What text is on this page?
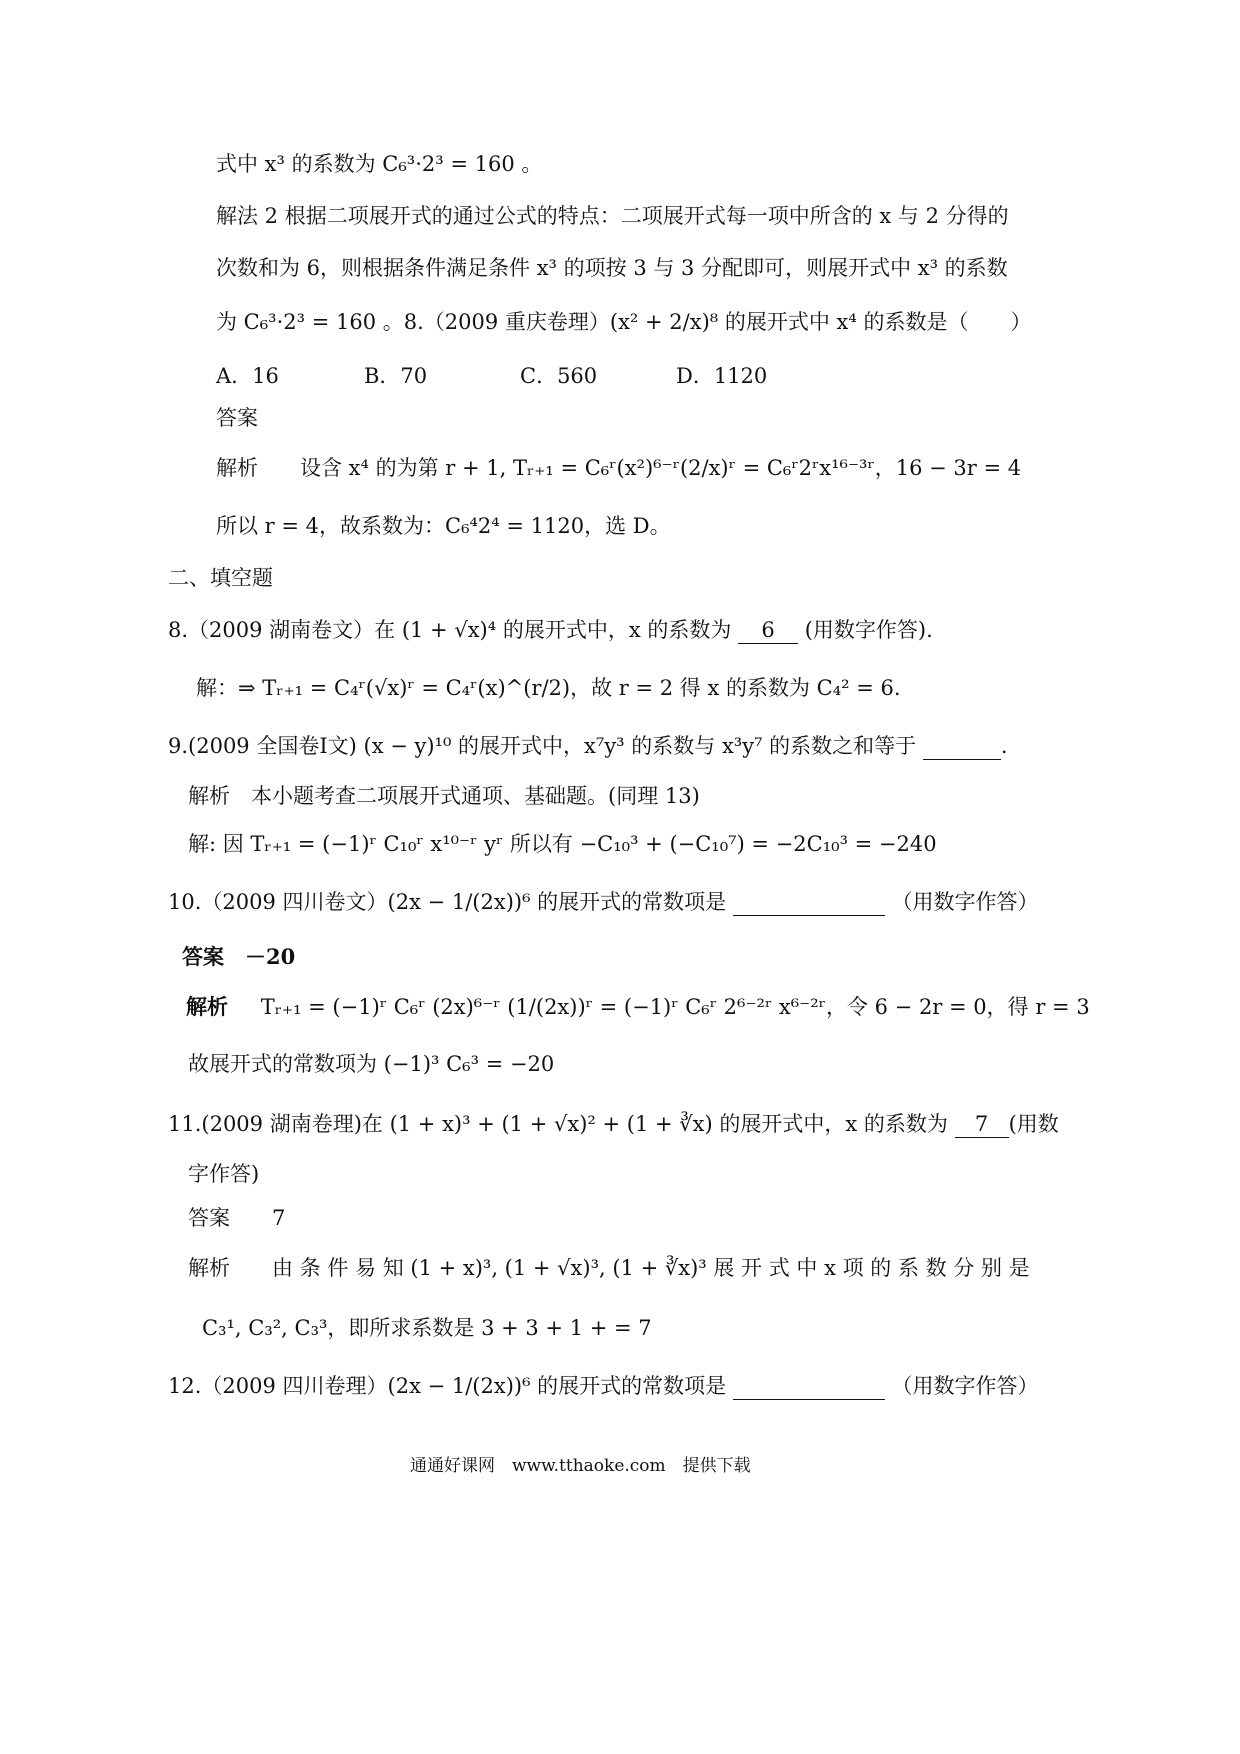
式中 x³ 的系数为 C₆³·2³ = 160 。
解法 2 根据二项展开式的通过公式的特点：二项展开式每一项中所含的 x 与 2 分得的
次数和为 6，则根据条件满足条件 x³ 的项按 3 与 3 分配即可，则展开式中 x³ 的系数
为 C₆³·2³ = 160 。8.（2009 重庆卷理）(x² + 2/x)⁸ 的展开式中 x⁴ 的系数是（　　）
A．16	B．70	C．560	D．1120
答案
解析　　设含 x⁴ 的为第 r + 1, Tᵣ₊₁ = C₆ʳ(x²)⁶⁻ʳ(2/x)ʳ = C₆ʳ2ʳx¹⁶⁻³ʳ，16 − 3r = 4
所以 r = 4，故系数为：C₆⁴2⁴ = 1120，选 D。
二、填空题
8.（2009 湖南卷文）在 (1 + √x)⁴ 的展开式中，x 的系数为 6 (用数字作答).
解：⇒ Tᵣ₊₁ = C₄ʳ(√x)ʳ = C₄ʳ(x)^(r/2)，故 r = 2 得 x 的系数为 C₄² = 6.
9.(2009 全国卷Ⅰ文) (x − y)¹⁰ 的展开式中，x⁷y³ 的系数与 x³y⁷ 的系数之和等于	.
解析　本小题考查二项展开式通项、基础题。(同理 13)
解: 因 Tᵣ₊₁ = (−1)ʳ C₁₀ʳ x¹⁰⁻ʳ yʳ 所以有 −C₁₀³ + (−C₁₀⁷) = −2C₁₀³ = −240
10.（2009 四川卷文）(2x − 1/(2x))⁶ 的展开式的常数项是	（用数字作答）
答案　－20
解析 Tᵣ₊₁ = (−1)ʳ C₆ʳ (2x)⁶⁻ʳ (1/(2x))ʳ = (−1)ʳ C₆ʳ 2⁶⁻²ʳ x⁶⁻²ʳ，令 6 − 2r = 0，得 r = 3
故展开式的常数项为 (−1)³ C₆³ = −20
11.(2009 湖南卷理)在 (1 + x)³ + (1 + √x)² + (1 + ∛x) 的展开式中，x 的系数为 7 (用数
字作答)
答案　　7
解析　　由 条 件 易 知 (1 + x)³, (1 + √x)³, (1 + ∛x)³ 展 开 式 中 x 项 的 系 数 分 别 是
C₃¹, C₃², C₃³，即所求系数是 3 + 3 + 1 + = 7
12.（2009 四川卷理）(2x − 1/(2x))⁶ 的展开式的常数项是	（用数字作答）
通通好课网　www.tthaoke.com　提供下载
